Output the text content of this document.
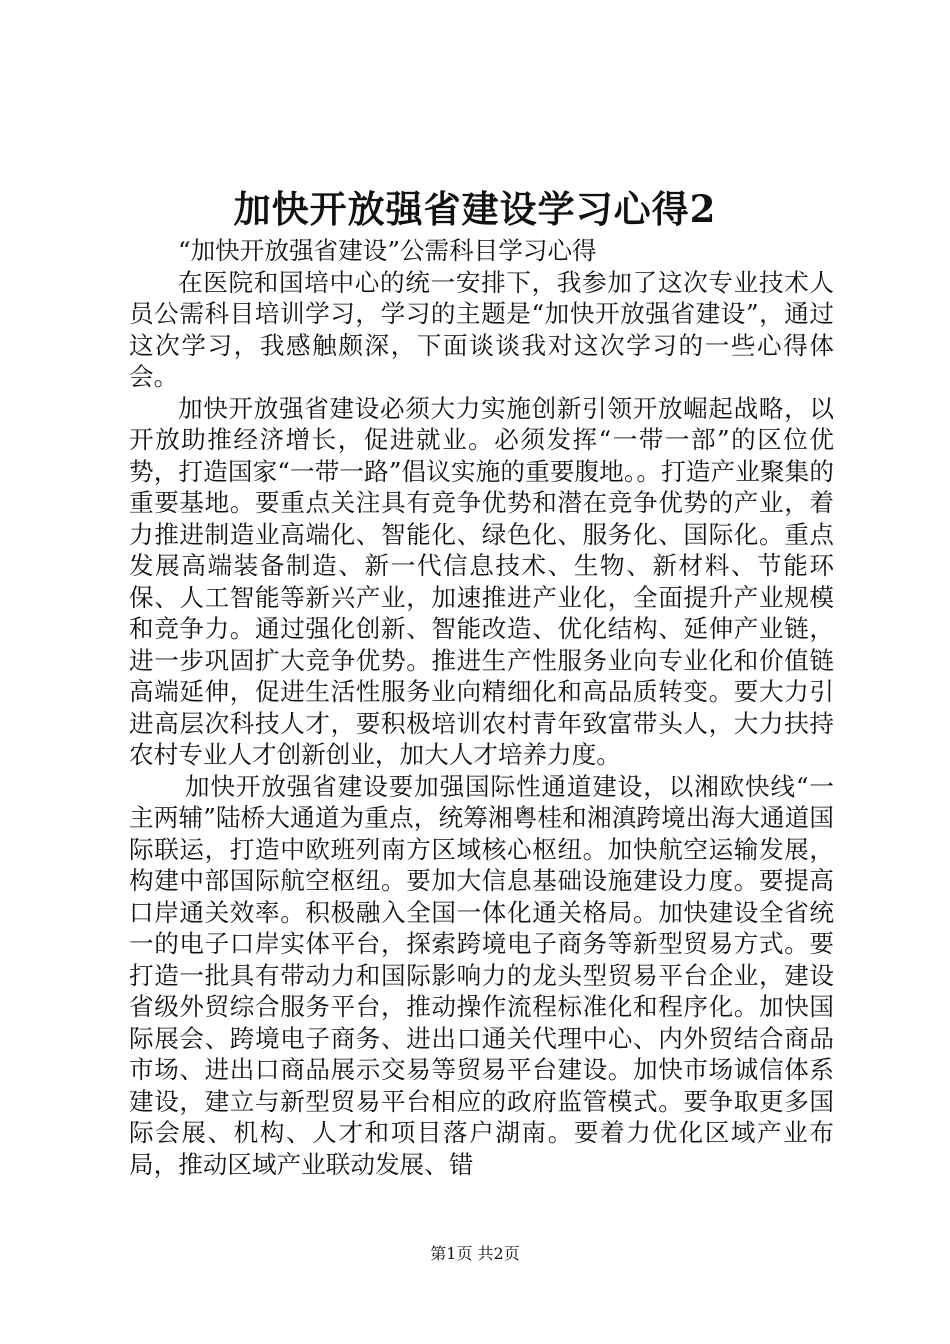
加快开放强省建设学习心得2

“加快开放强省建设”公需科目学习心得

在医院和国培中心的统一安排下，我参加了这次专业技术人员公需科目培训学习，学习的主题是“加快开放强省建设”，通过这次学习，我感触颇深，下面谈谈我对这次学习的一些心得体会。

加快开放强省建设必须大力实施创新引领开放崛起战略，以开放助推经济增长，促进就业。必须发挥“一带一部”的区位优势，打造国家“一带一路”倡议实施的重要腹地。。打造产业聚集的重要基地。要重点关注具有竞争优势和潜在竞争优势的产业，着力推进制造业高端化、智能化、绿色化、服务化、国际化。重点发展高端装备制造、新一代信息技术、生物、新材料、节能环保、人工智能等新兴产业，加速推进产业化，全面提升产业规模和竞争力。通过强化创新、智能改造、优化结构、延伸产业链，进一步巩固扩大竞争优势。推进生产性服务业向专业化和价值链高端延伸，促进生活性服务业向精细化和高品质转变。要大力引进高层次科技人才，要积极培训农村青年致富带头人，大力扶持农村专业人才创新创业，加大人才培养力度。

加快开放强省建设要加强国际性通道建设，以湘欧快线“一主两辅”陆桥大通道为重点，统筹湘粤桂和湘滇跨境出海大通道国际联运，打造中欧班列南方区域核心枢纽。加快航空运输发展，构建中部国际航空枢纽。要加大信息基础设施建设力度。要提高口岸通关效率。积极融入全国一体化通关格局。加快建设全省统一的电子口岸实体平台，探索跨境电子商务等新型贸易方式。要打造一批具有带动力和国际影响力的龙头型贸易平台企业，建设省级外贸综合服务平台，推动操作流程标准化和程序化。加快国际展会、跨境电子商务、进出口通关代理中心、内外贸结合商品市场、进出口商品展示交易等贸易平台建设。加快市场诚信体系建设，建立与新型贸易平台相应的政府监管模式。要争取更多国际会展、机构、人才和项目落户湖南。要着力优化区域产业布局，推动区域产业联动发展、错

第1页 共2页
